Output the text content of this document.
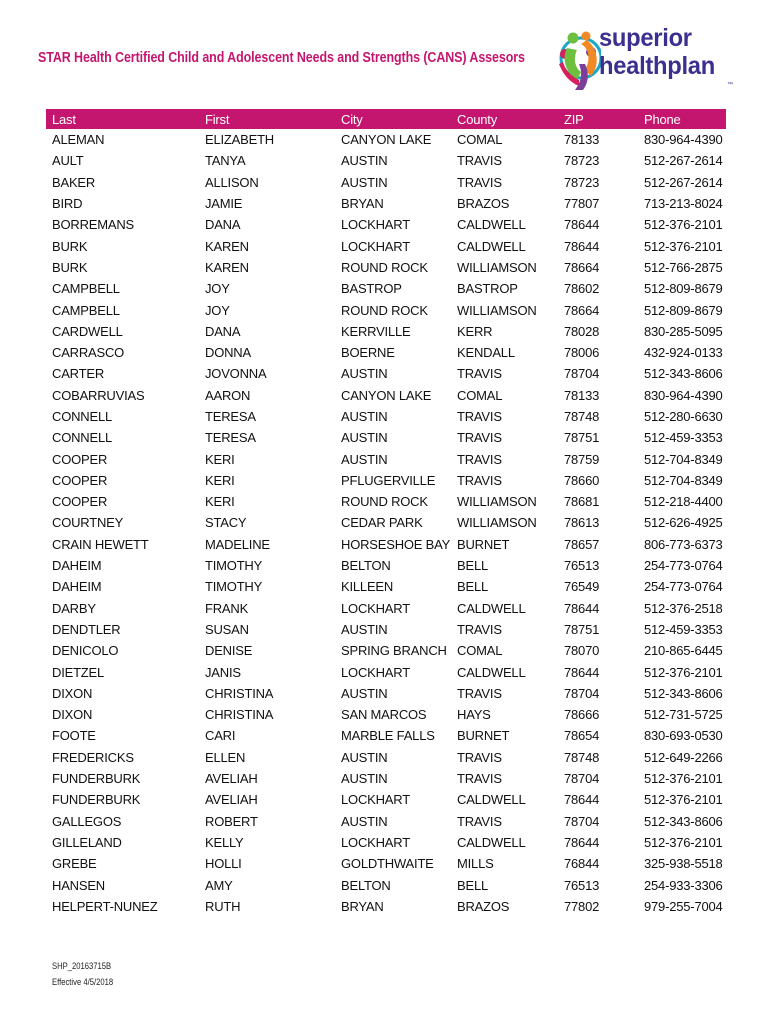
STAR Health Certified Child and Adolescent Needs and Strengths (CANS) Assesors
superior
healthplan
™
Last	First	City	County	ZIP	Phone
ALEMAN	ELIZABETH	CANYON LAKE	COMAL	78133	830-964-4390
AULT	TANYA	AUSTIN	TRAVIS	78723	512-267-2614
BAKER	ALLISON	AUSTIN	TRAVIS	78723	512-267-2614
BIRD	JAMIE	BRYAN	BRAZOS	77807	713-213-8024
BORREMANS	DANA	LOCKHART	CALDWELL	78644	512-376-2101
BURK	KAREN	LOCKHART	CALDWELL	78644	512-376-2101
BURK	KAREN	ROUND ROCK	WILLIAMSON	78664	512-766-2875
CAMPBELL	JOY	BASTROP	BASTROP	78602	512-809-8679
CAMPBELL	JOY	ROUND ROCK	WILLIAMSON	78664	512-809-8679
CARDWELL	DANA	KERRVILLE	KERR	78028	830-285-5095
CARRASCO	DONNA	BOERNE	KENDALL	78006	432-924-0133
CARTER	JOVONNA	AUSTIN	TRAVIS	78704	512-343-8606
COBARRUVIAS	AARON	CANYON LAKE	COMAL	78133	830-964-4390
CONNELL	TERESA	AUSTIN	TRAVIS	78748	512-280-6630
CONNELL	TERESA	AUSTIN	TRAVIS	78751	512-459-3353
COOPER	KERI	AUSTIN	TRAVIS	78759	512-704-8349
COOPER	KERI	PFLUGERVILLE	TRAVIS	78660	512-704-8349
COOPER	KERI	ROUND ROCK	WILLIAMSON	78681	512-218-4400
COURTNEY	STACY	CEDAR PARK	WILLIAMSON	78613	512-626-4925
CRAIN HEWETT	MADELINE	HORSESHOE BAY	BURNET	78657	806-773-6373
DAHEIM	TIMOTHY	BELTON	BELL	76513	254-773-0764
DAHEIM	TIMOTHY	KILLEEN	BELL	76549	254-773-0764
DARBY	FRANK	LOCKHART	CALDWELL	78644	512-376-2518
DENDTLER	SUSAN	AUSTIN	TRAVIS	78751	512-459-3353
DENICOLO	DENISE	SPRING BRANCH	COMAL	78070	210-865-6445
DIETZEL	JANIS	LOCKHART	CALDWELL	78644	512-376-2101
DIXON	CHRISTINA	AUSTIN	TRAVIS	78704	512-343-8606
DIXON	CHRISTINA	SAN MARCOS	HAYS	78666	512-731-5725
FOOTE	CARI	MARBLE FALLS	BURNET	78654	830-693-0530
FREDERICKS	ELLEN	AUSTIN	TRAVIS	78748	512-649-2266
FUNDERBURK	AVELIAH	AUSTIN	TRAVIS	78704	512-376-2101
FUNDERBURK	AVELIAH	LOCKHART	CALDWELL	78644	512-376-2101
GALLEGOS	ROBERT	AUSTIN	TRAVIS	78704	512-343-8606
GILLELAND	KELLY	LOCKHART	CALDWELL	78644	512-376-2101
GREBE	HOLLI	GOLDTHWAITE	MILLS	76844	325-938-5518
HANSEN	AMY	BELTON	BELL	76513	254-933-3306
HELPERT-NUNEZ	RUTH	BRYAN	BRAZOS	77802	979-255-7004
SHP_20163715B
Effective 4/5/2018
